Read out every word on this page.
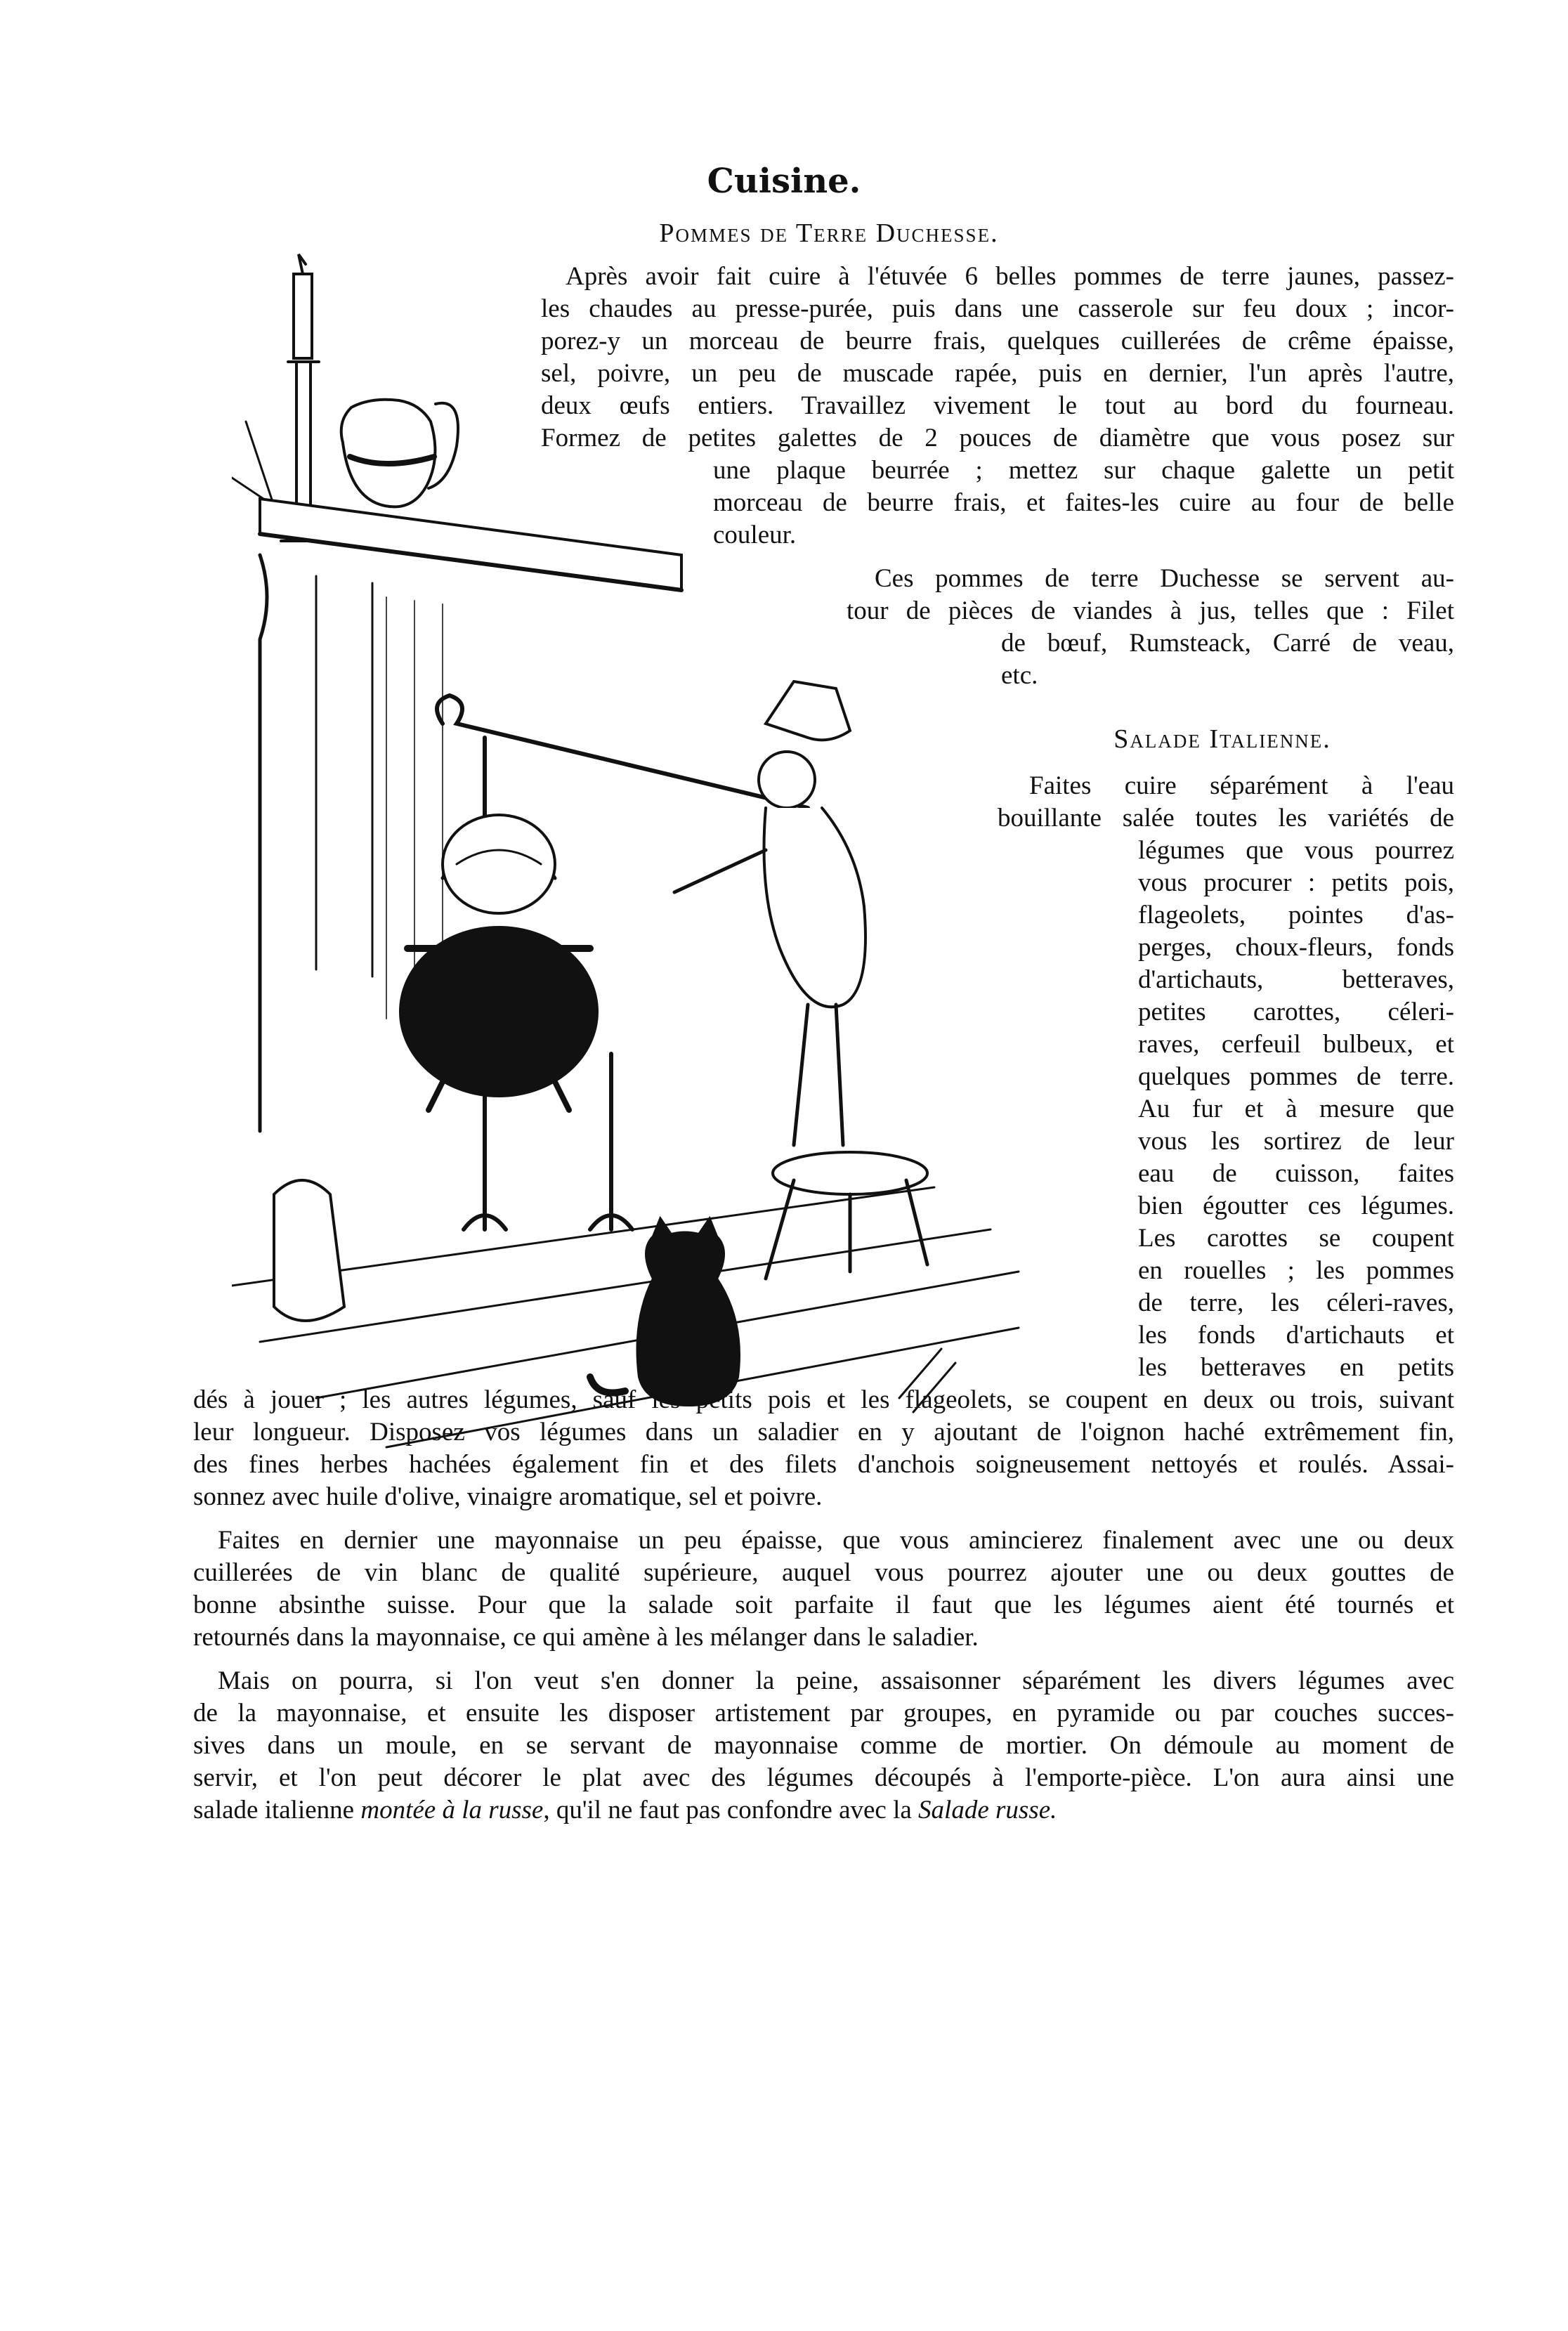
Cuisine.
Pommes de Terre Duchesse.
Après avoir fait cuire à l'étuvée 6 belles pommes de terre jaunes, passez-
les chaudes au presse-purée, puis dans une casserole sur feu doux ; incor-
porez-y un morceau de beurre frais, quelques cuillerées de crême épaisse,
sel, poivre, un peu de muscade rapée, puis en dernier, l'un après l'autre,
deux œufs entiers. Travaillez vivement le tout au bord du fourneau.
Formez de petites galettes de 2 pouces de diamètre que vous posez sur
une plaque beurrée ; mettez sur chaque galette un petit
morceau de beurre frais, et faites-les cuire au four de belle
couleur.
Ces pommes de terre Duchesse se servent au-
tour de pièces de viandes à jus, telles que : Filet
de bœuf, Rumsteack, Carré de veau,
etc.
Salade Italienne.
Faites cuire séparément à l'eau
bouillante salée toutes les variétés de
légumes que vous pourrez
vous procurer : petits pois,
flageolets, pointes d'as-
perges, choux-fleurs, fonds
d'artichauts, betteraves,
petites carottes, céleri-
raves, cerfeuil bulbeux, et
quelques pommes de terre.
Au fur et à mesure que
vous les sortirez de leur
eau de cuisson, faites
bien égoutter ces légumes.
Les carottes se coupent
en rouelles ; les pommes
de terre, les céleri-raves,
les fonds d'artichauts et
les betteraves en petits
dés à jouer ; les autres légumes, sauf les petits pois et les flageolets, se coupent en deux ou trois, suivant
leur longueur. Disposez vos légumes dans un saladier en y ajoutant de l'oignon haché extrêmement fin,
des fines herbes hachées également fin et des filets d'anchois soigneusement nettoyés et roulés. Assai-
sonnez avec huile d'olive, vinaigre aromatique, sel et poivre.
Faites en dernier une mayonnaise un peu épaisse, que vous amincierez finalement avec une ou deux
cuillerées de vin blanc de qualité supérieure, auquel vous pourrez ajouter une ou deux gouttes de
bonne absinthe suisse. Pour que la salade soit parfaite il faut que les légumes aient été tournés et
retournés dans la mayonnaise, ce qui amène à les mélanger dans le saladier.
Mais on pourra, si l'on veut s'en donner la peine, assaisonner séparément les divers légumes avec
de la mayonnaise, et ensuite les disposer artistement par groupes, en pyramide ou par couches succes-
sives dans un moule, en se servant de mayonnaise comme de mortier. On démoule au moment de
servir, et l'on peut décorer le plat avec des légumes découpés à l'emporte-pièce. L'on aura ainsi une
salade italienne montée à la russe, qu'il ne faut pas confondre avec la Salade russe.
